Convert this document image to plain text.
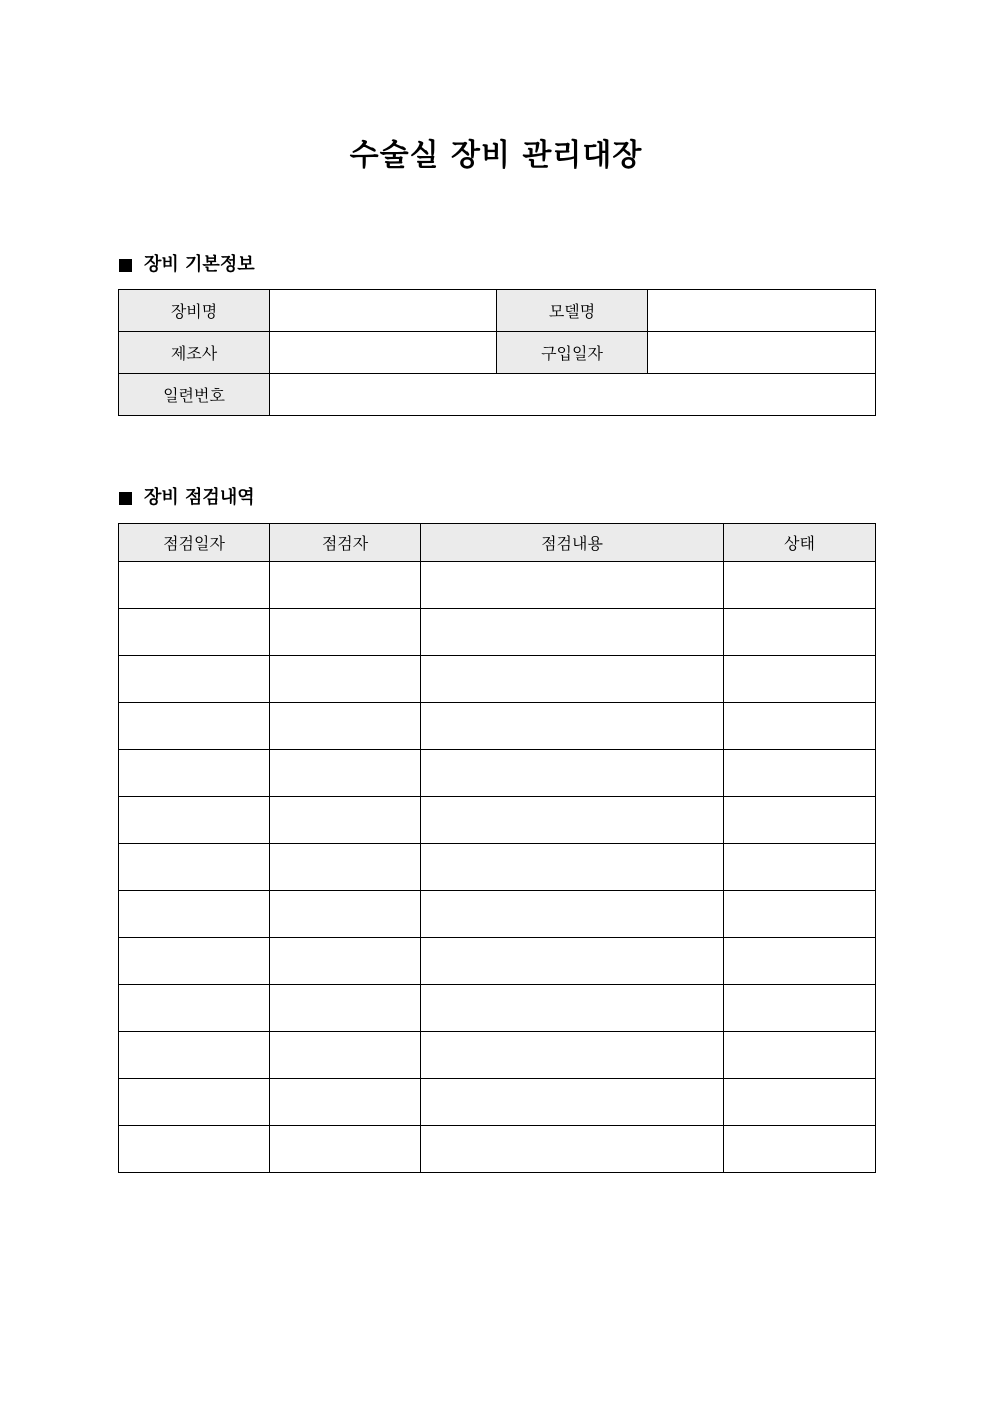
수술실 장비 관리대장
장비 기본정보
장비명		모델명	
제조사		구입일자	
일련번호			
장비 점검내역
점검일자	점검자	점검내용	상태
